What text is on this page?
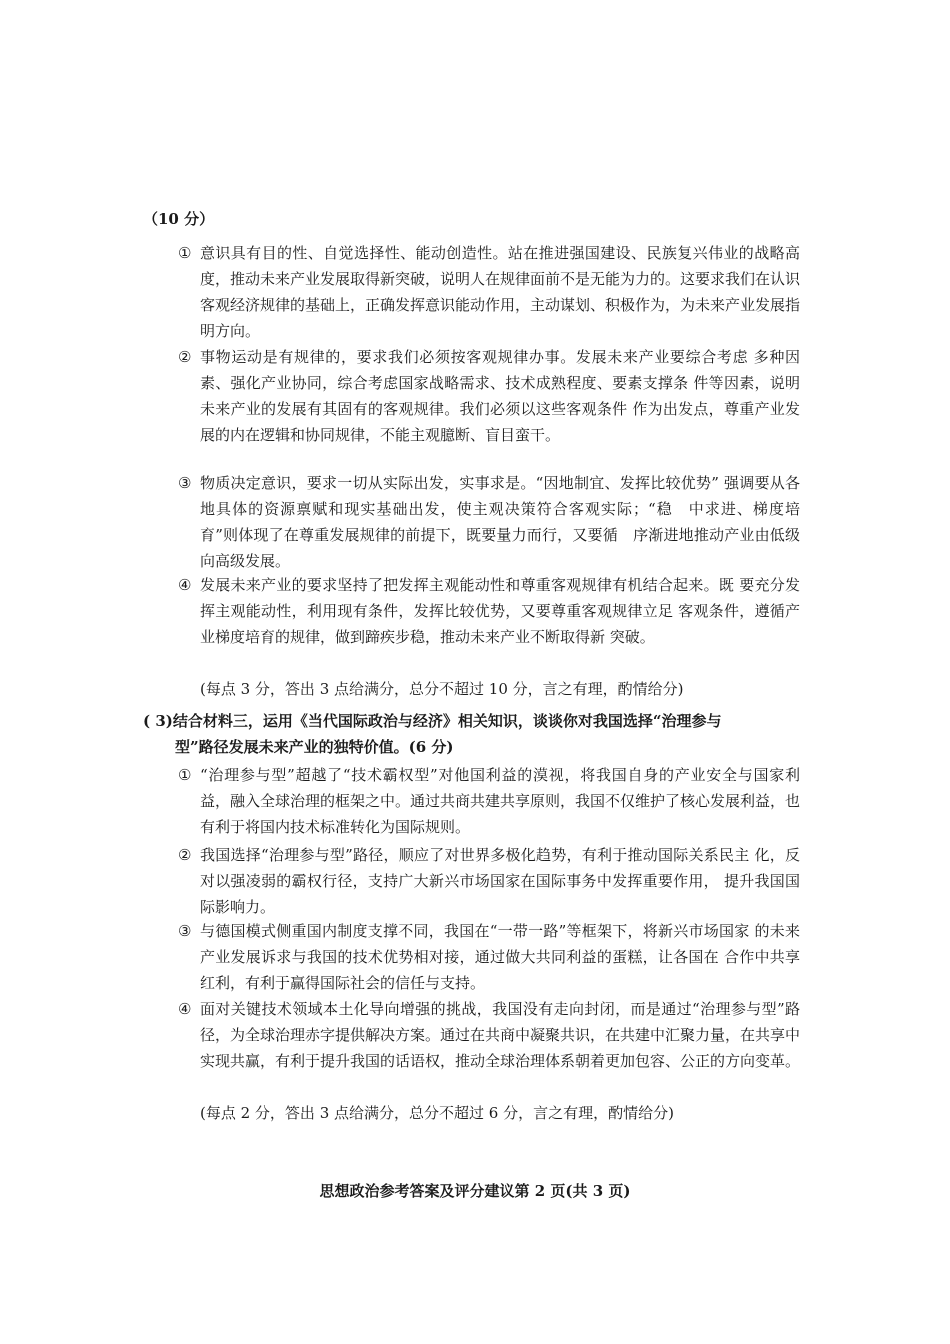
（10 分）
① 意识具有目的性、自觉选择性、能动创造性。站在推进强国建设、民族复兴伟业的战略高度，推动未来产业发展取得新突破，说明人在规律面前不是无能为力的。这要求我们在认识客观经济规律的基础上，正确发挥意识能动作用，主动谋划、积极作为，为未来产业发展指明方向。
② 事物运动是有规律的，要求我们必须按客观规律办事。发展未来产业要综合考虑 多种因素、强化产业协同，综合考虑国家战略需求、技术成熟程度、要素支撑条 件等因素，说明未来产业的发展有其固有的客观规律。我们必须以这些客观条件 作为出发点，尊重产业发展的内在逻辑和协同规律，不能主观臆断、盲目蛮干。
③ 物质决定意识，要求一切从实际出发，实事求是。“因地制宜、发挥比较优势” 强调要从各地具体的资源禀赋和现实基础出发，使主观决策符合客观实际；“稳　中求进、梯度培育”则体现了在尊重发展规律的前提下，既要量力而行，又要循　序渐进地推动产业由低级向高级发展。
④ 发展未来产业的要求坚持了把发挥主观能动性和尊重客观规律有机结合起来。既 要充分发挥主观能动性，利用现有条件，发挥比较优势，又要尊重客观规律立足 客观条件，遵循产业梯度培育的规律，做到蹄疾步稳，推动未来产业不断取得新 突破。
(每点 3 分，答出 3 点给满分，总分不超过 10 分，言之有理，酌情给分)
( 3)结合材料三，运用《当代国际政治与经济》相关知识，谈谈你对我国选择“治理参与
型”路径发展未来产业的独特价值。(6 分)
① “治理参与型”超越了“技术霸权型”对他国利益的漠视，将我国自身的产业安全与国家利益，融入全球治理的框架之中。通过共商共建共享原则，我国不仅维护了核心发展利益，也有利于将国内技术标准转化为国际规则。
② 我国选择“治理参与型”路径，顺应了对世界多极化趋势，有利于推动国际关系民主 化，反对以强凌弱的霸权行径，支持广大新兴市场国家在国际事务中发挥重要作用， 提升我国国际影响力。
③ 与德国模式侧重国内制度支撑不同，我国在“一带一路”等框架下，将新兴市场国家 的未来产业发展诉求与我国的技术优势相对接，通过做大共同利益的蛋糕，让各国在 合作中共享红利，有利于赢得国际社会的信任与支持。
④ 面对关键技术领域本土化导向增强的挑战，我国没有走向封闭，而是通过“治理参与型”路径，为全球治理赤字提供解决方案。通过在共商中凝聚共识，在共建中汇聚力量，在共享中实现共赢，有利于提升我国的话语权，推动全球治理体系朝着更加包容、公正的方向变革。
(每点 2 分，答出 3 点给满分，总分不超过 6 分，言之有理，酌情给分)
思想政治参考答案及评分建议第 2 页(共 3 页)
